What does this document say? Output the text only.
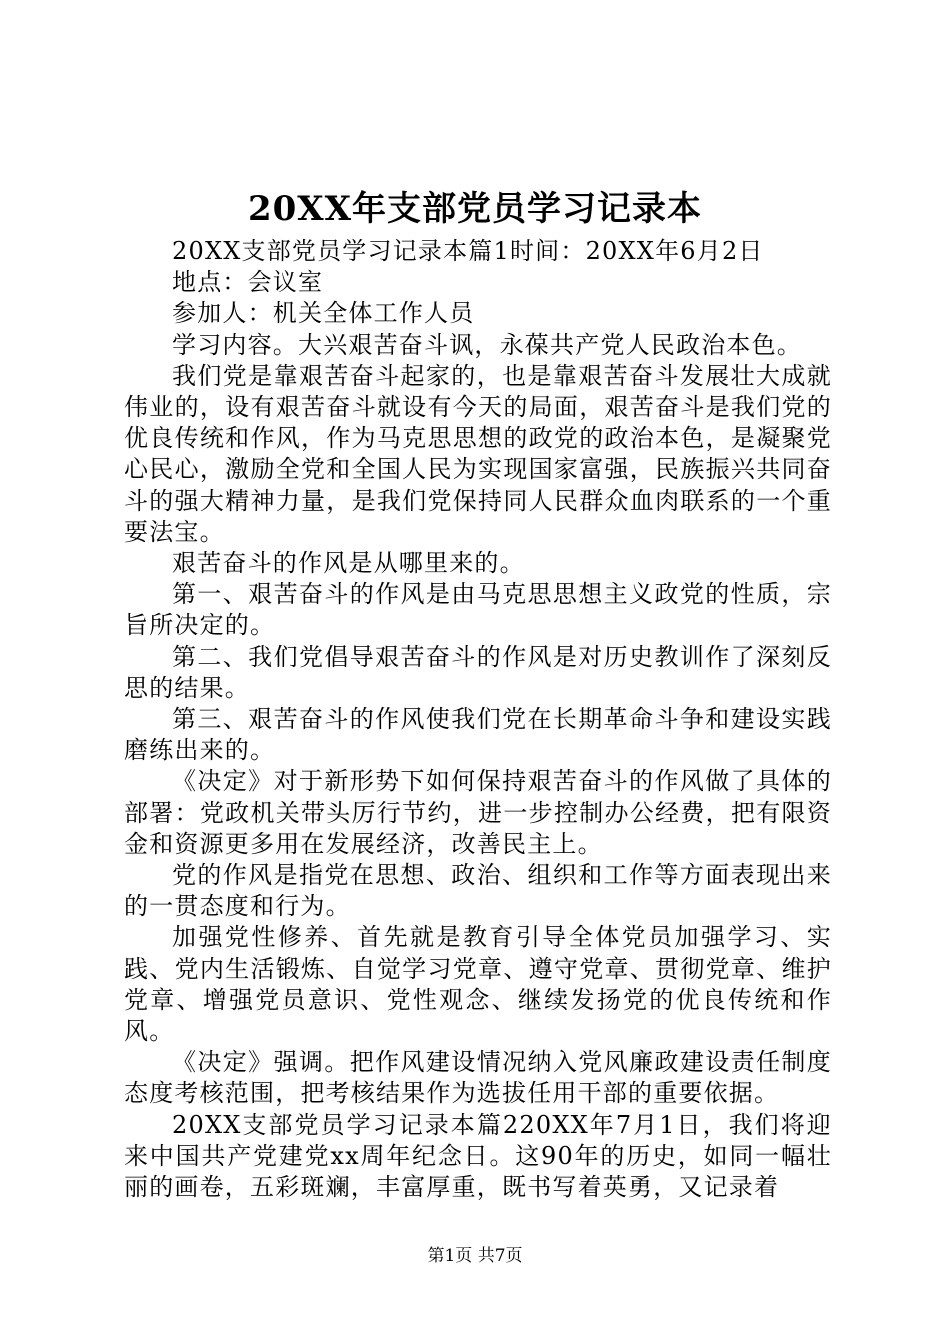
20XX年支部党员学习记录本

20XX支部党员学习记录本篇1时间：20XX年6月2日

地点：会议室

参加人：机关全体工作人员

学习内容。大兴艰苦奋斗讽，永葆共产党人民政治本色。

我们党是靠艰苦奋斗起家的，也是靠艰苦奋斗发展壮大成就伟业的，设有艰苦奋斗就设有今天的局面，艰苦奋斗是我们党的优良传统和作风，作为马克思思想的政党的政治本色，是凝聚党心民心，激励全党和全国人民为实现国家富强，民族振兴共同奋斗的强大精神力量，是我们党保持同人民群众血肉联系的一个重要法宝。

艰苦奋斗的作风是从哪里来的。

第一、艰苦奋斗的作风是由马克思思想主义政党的性质，宗旨所决定的。

第二、我们党倡导艰苦奋斗的作风是对历史教训作了深刻反思的结果。

第三、艰苦奋斗的作风使我们党在长期革命斗争和建设实践磨练出来的。

《决定》对于新形势下如何保持艰苦奋斗的作风做了具体的部署：党政机关带头厉行节约，进一步控制办公经费，把有限资金和资源更多用在发展经济，改善民主上。

党的作风是指党在思想、政治、组织和工作等方面表现出来的一贯态度和行为。

加强党性修养、首先就是教育引导全体党员加强学习、实践、党内生活锻炼、自觉学习党章、遵守党章、贯彻党章、维护党章、增强党员意识、党性观念、继续发扬党的优良传统和作风。

《决定》强调。把作风建设情况纳入党风廉政建设责任制度态度考核范围，把考核结果作为选拔任用干部的重要依据。

20XX支部党员学习记录本篇220XX年7月1日，我们将迎来中国共产党建党xx周年纪念日。这90年的历史，如同一幅壮丽的画卷，五彩斑斓，丰富厚重，既书写着英勇，又记录着

第1页 共7页
